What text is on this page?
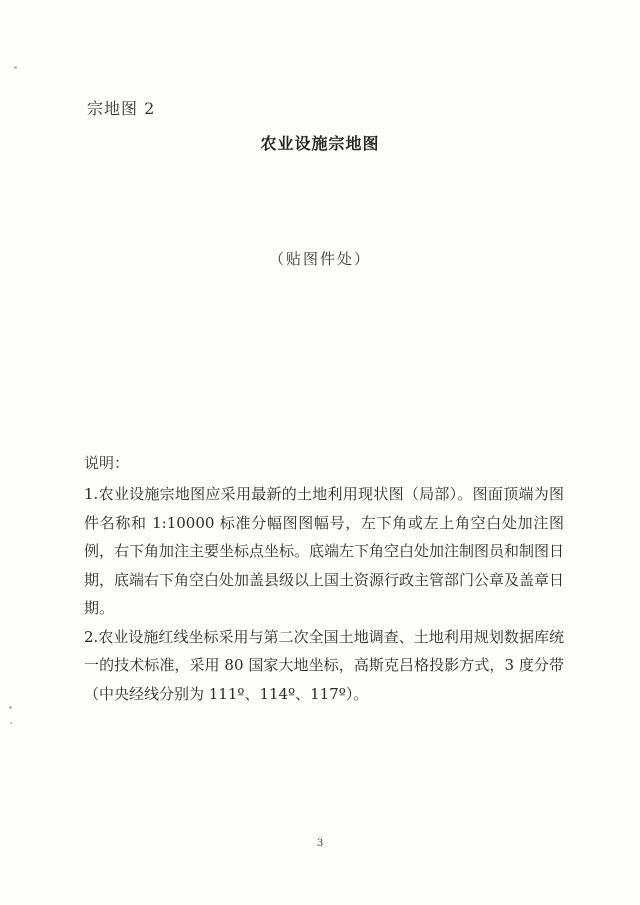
宗地图 2
农业设施宗地图
（贴图件处）
说明：

1.农业设施宗地图应采用最新的土地利用现状图（局部）。图面顶端为图件名称和 1:10000 标准分幅图图幅号，左下角或左上角空白处加注图例，右下角加注主要坐标点坐标。底端左下角空白处加注制图员和制图日期，底端右下角空白处加盖县级以上国土资源行政主管部门公章及盖章日期。

2.农业设施红线坐标采用与第二次全国土地调查、土地利用规划数据库统一的技术标准，采用 80 国家大地坐标，高斯克吕格投影方式，3 度分带（中央经线分别为 111º、114º、117º）。

3
